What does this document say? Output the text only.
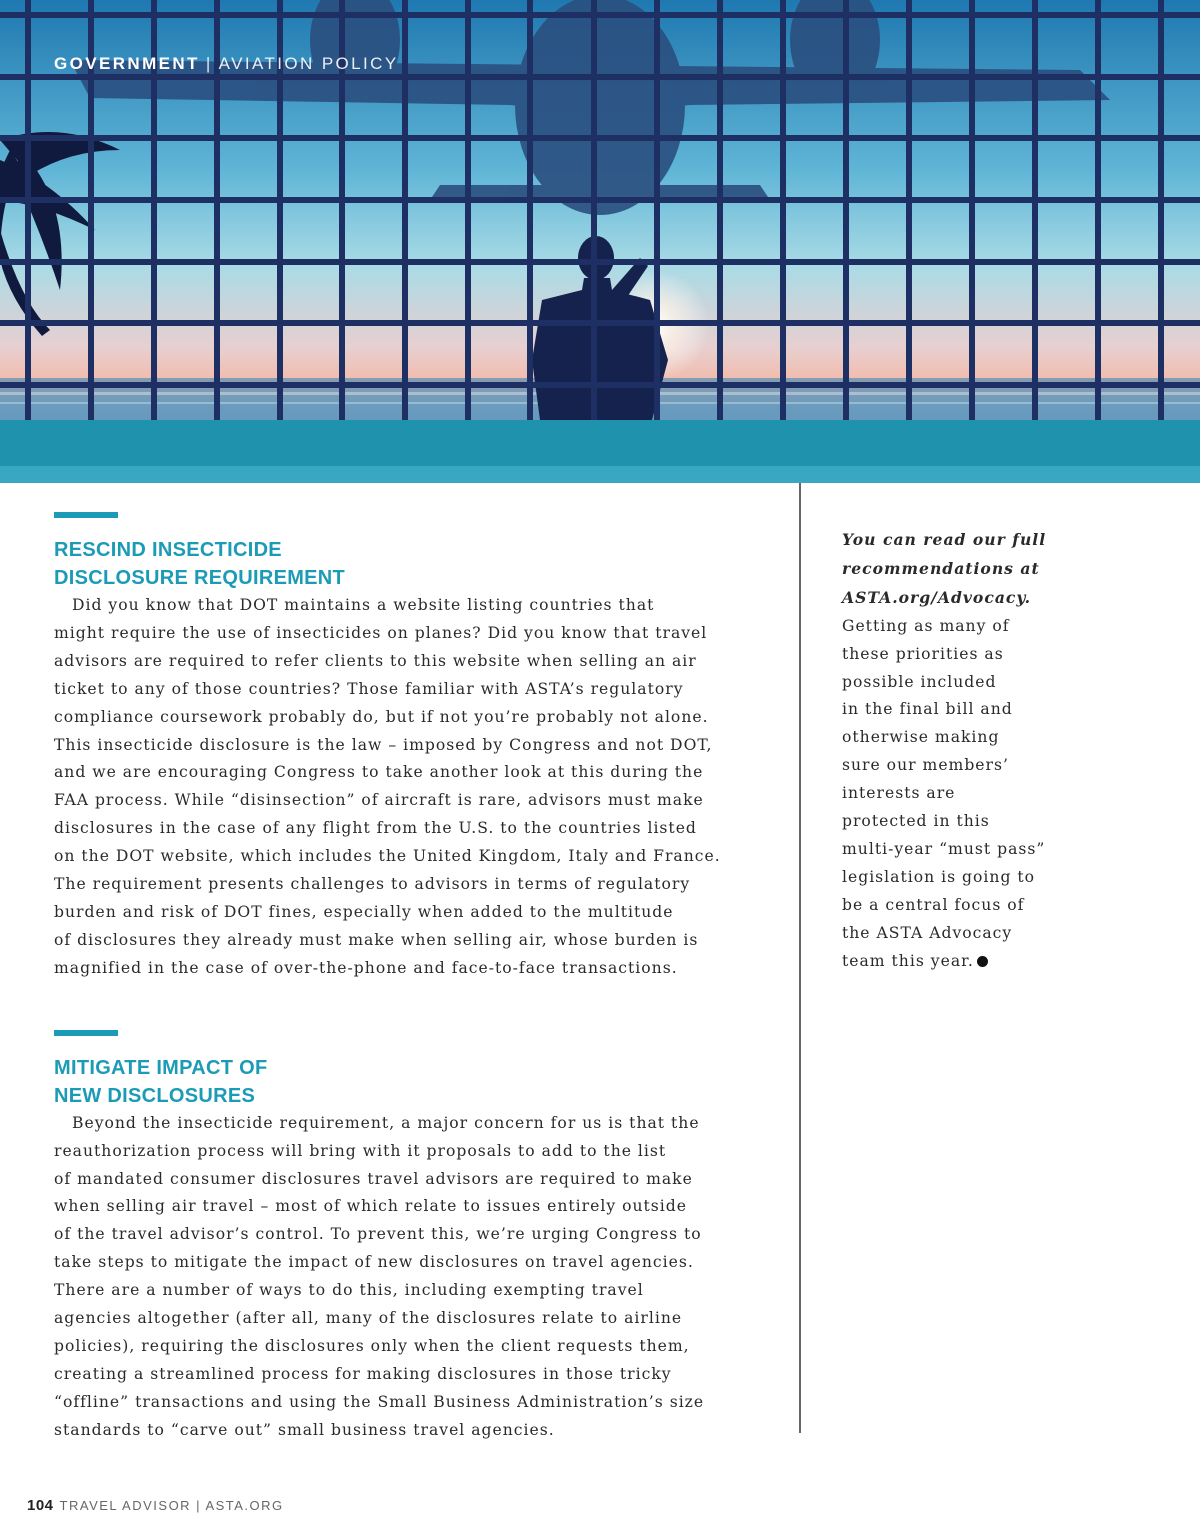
GOVERNMENT | AVIATION POLICY
RESCIND INSECTICIDE
DISCLOSURE REQUIREMENT
Did you know that DOT maintains a website listing countries that
might require the use of insecticides on planes? Did you know that travel
advisors are required to refer clients to this website when selling an air
ticket to any of those countries? Those familiar with ASTA’s regulatory
compliance coursework probably do, but if not you’re probably not alone.
This insecticide disclosure is the law – imposed by Congress and not DOT,
and we are encouraging Congress to take another look at this during the
FAA process. While “disinsection” of aircraft is rare, advisors must make
disclosures in the case of any flight from the U.S. to the countries listed
on the DOT website, which includes the United Kingdom, Italy and France.
The requirement presents challenges to advisors in terms of regulatory
burden and risk of DOT fines, especially when added to the multitude
of disclosures they already must make when selling air, whose burden is
magnified in the case of over-the-phone and face-to-face transactions.
MITIGATE IMPACT OF
NEW DISCLOSURES
Beyond the insecticide requirement, a major concern for us is that the
reauthorization process will bring with it proposals to add to the list
of mandated consumer disclosures travel advisors are required to make
when selling air travel – most of which relate to issues entirely outside
of the travel advisor’s control. To prevent this, we’re urging Congress to
take steps to mitigate the impact of new disclosures on travel agencies.
There are a number of ways to do this, including exempting travel
agencies altogether (after all, many of the disclosures relate to airline
policies), requiring the disclosures only when the client requests them,
creating a streamlined process for making disclosures in those tricky
“offline” transactions and using the Small Business Administration’s size
standards to “carve out” small business travel agencies.
You can read our full
recommendations at
ASTA.org/Advocacy.
Getting as many of
these priorities as
possible included
in the final bill and
otherwise making
sure our members’
interests are
protected in this
multi-year “must pass”
legislation is going to
be a central focus of
the ASTA Advocacy
team this year.
104 TRAVEL ADVISOR | ASTA.ORG
